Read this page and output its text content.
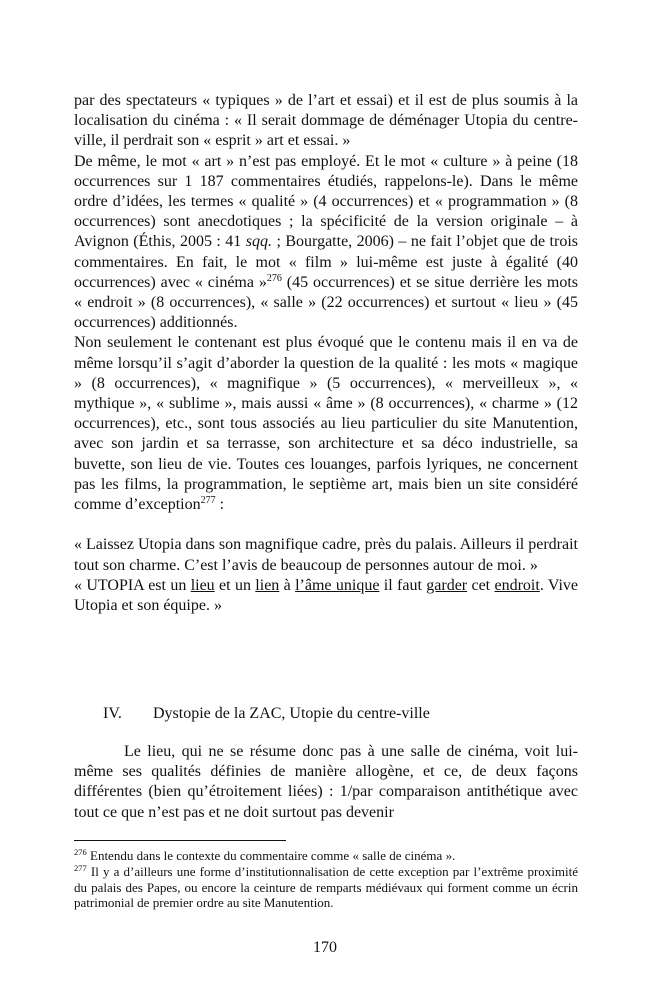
par des spectateurs « typiques » de l’art et essai) et il est de plus soumis à la localisation du cinéma : « Il serait dommage de déménager Utopia du centre-ville, il perdrait son « esprit » art et essai. »

De même, le mot « art » n’est pas employé. Et le mot « culture » à peine (18 occurrences sur 1 187 commentaires étudiés, rappelons-le). Dans le même ordre d’idées, les termes « qualité » (4 occurrences) et « programmation » (8 occurrences) sont anecdotiques ; la spécificité de la version originale – à Avignon (Éthis, 2005 : 41 sqq. ; Bourgatte, 2006) – ne fait l’objet que de trois commentaires. En fait, le mot « film » lui-même est juste à égalité (40 occurrences) avec « cinéma »$^{276}$ (45 occurrences) et se situe derrière les mots « endroit » (8 occurrences), « salle » (22 occurrences) et surtout « lieu » (45 occurrences) additionnés.

Non seulement le contenant est plus évoqué que le contenu mais il en va de même lorsqu’il s’agit d’aborder la question de la qualité : les mots « magique » (8 occurrences), « magnifique » (5 occurrences), « merveilleux », « mythique », « sublime », mais aussi « âme » (8 occurrences), « charme » (12 occurrences), etc., sont tous associés au lieu particulier du site Manutention, avec son jardin et sa terrasse, son architecture et sa déco industrielle, sa buvette, son lieu de vie. Toutes ces louanges, parfois lyriques, ne concernent pas les films, la programmation, le septième art, mais bien un site considéré comme d’exception$^{277}$ :

« Laissez Utopia dans son magnifique cadre, près du palais. Ailleurs il perdrait tout son charme. C’est l’avis de beaucoup de personnes autour de moi. »

« UTOPIA est un lieu et un lien à l’âme unique il faut garder cet endroit. Vive Utopia et son équipe. »

IV. Dystopie de la ZAC, Utopie du centre-ville

Le lieu, qui ne se résume donc pas à une salle de cinéma, voit lui-même ses qualités définies de manière allogène, et ce, de deux façons différentes (bien qu’étroitement liées) : 1/par comparaison antithétique avec tout ce que n’est pas et ne doit surtout pas devenir

$^{276}$ Entendu dans le contexte du commentaire comme « salle de cinéma ».

$^{277}$ Il y a d’ailleurs une forme d’institutionnalisation de cette exception par l’extrême proximité du palais des Papes, ou encore la ceinture de remparts médiévaux qui forment comme un écrin patrimonial de premier ordre au site Manutention.

170
